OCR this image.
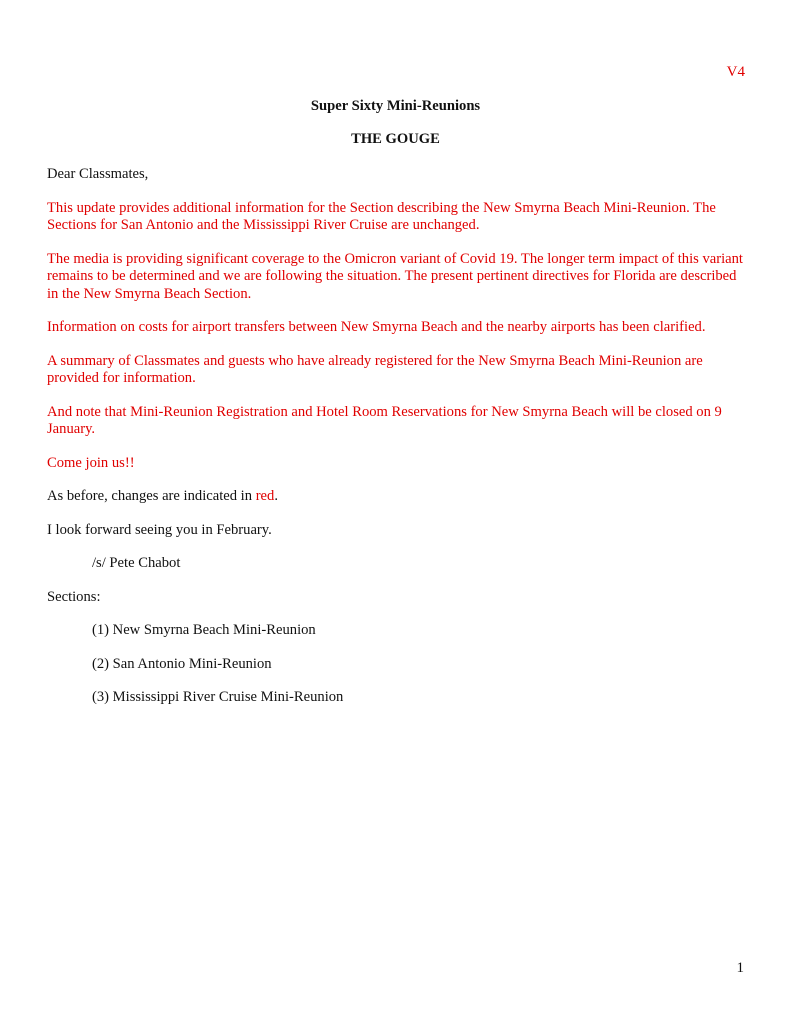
V4
Super Sixty Mini-Reunions
THE GOUGE

Dear Classmates,

This update provides additional information for the Section describing the New Smyrna Beach Mini-Reunion. The Sections for San Antonio and the Mississippi River Cruise are unchanged.

The media is providing significant coverage to the Omicron variant of Covid 19. The longer term impact of this variant remains to be determined and we are following the situation. The present pertinent directives for Florida are described in the New Smyrna Beach Section.

Information on costs for airport transfers between New Smyrna Beach and the nearby airports has been clarified.

A summary of Classmates and guests who have already registered for the New Smyrna Beach Mini-Reunion are provided for information.

And note that Mini-Reunion Registration and Hotel Room Reservations for New Smyrna Beach will be closed on 9 January.

Come join us!!

As before, changes are indicated in red.

I look forward seeing you in February.

/s/ Pete Chabot

Sections:

(1) New Smyrna Beach Mini-Reunion
(2) San Antonio Mini-Reunion
(3) Mississippi River Cruise Mini-Reunion
1
